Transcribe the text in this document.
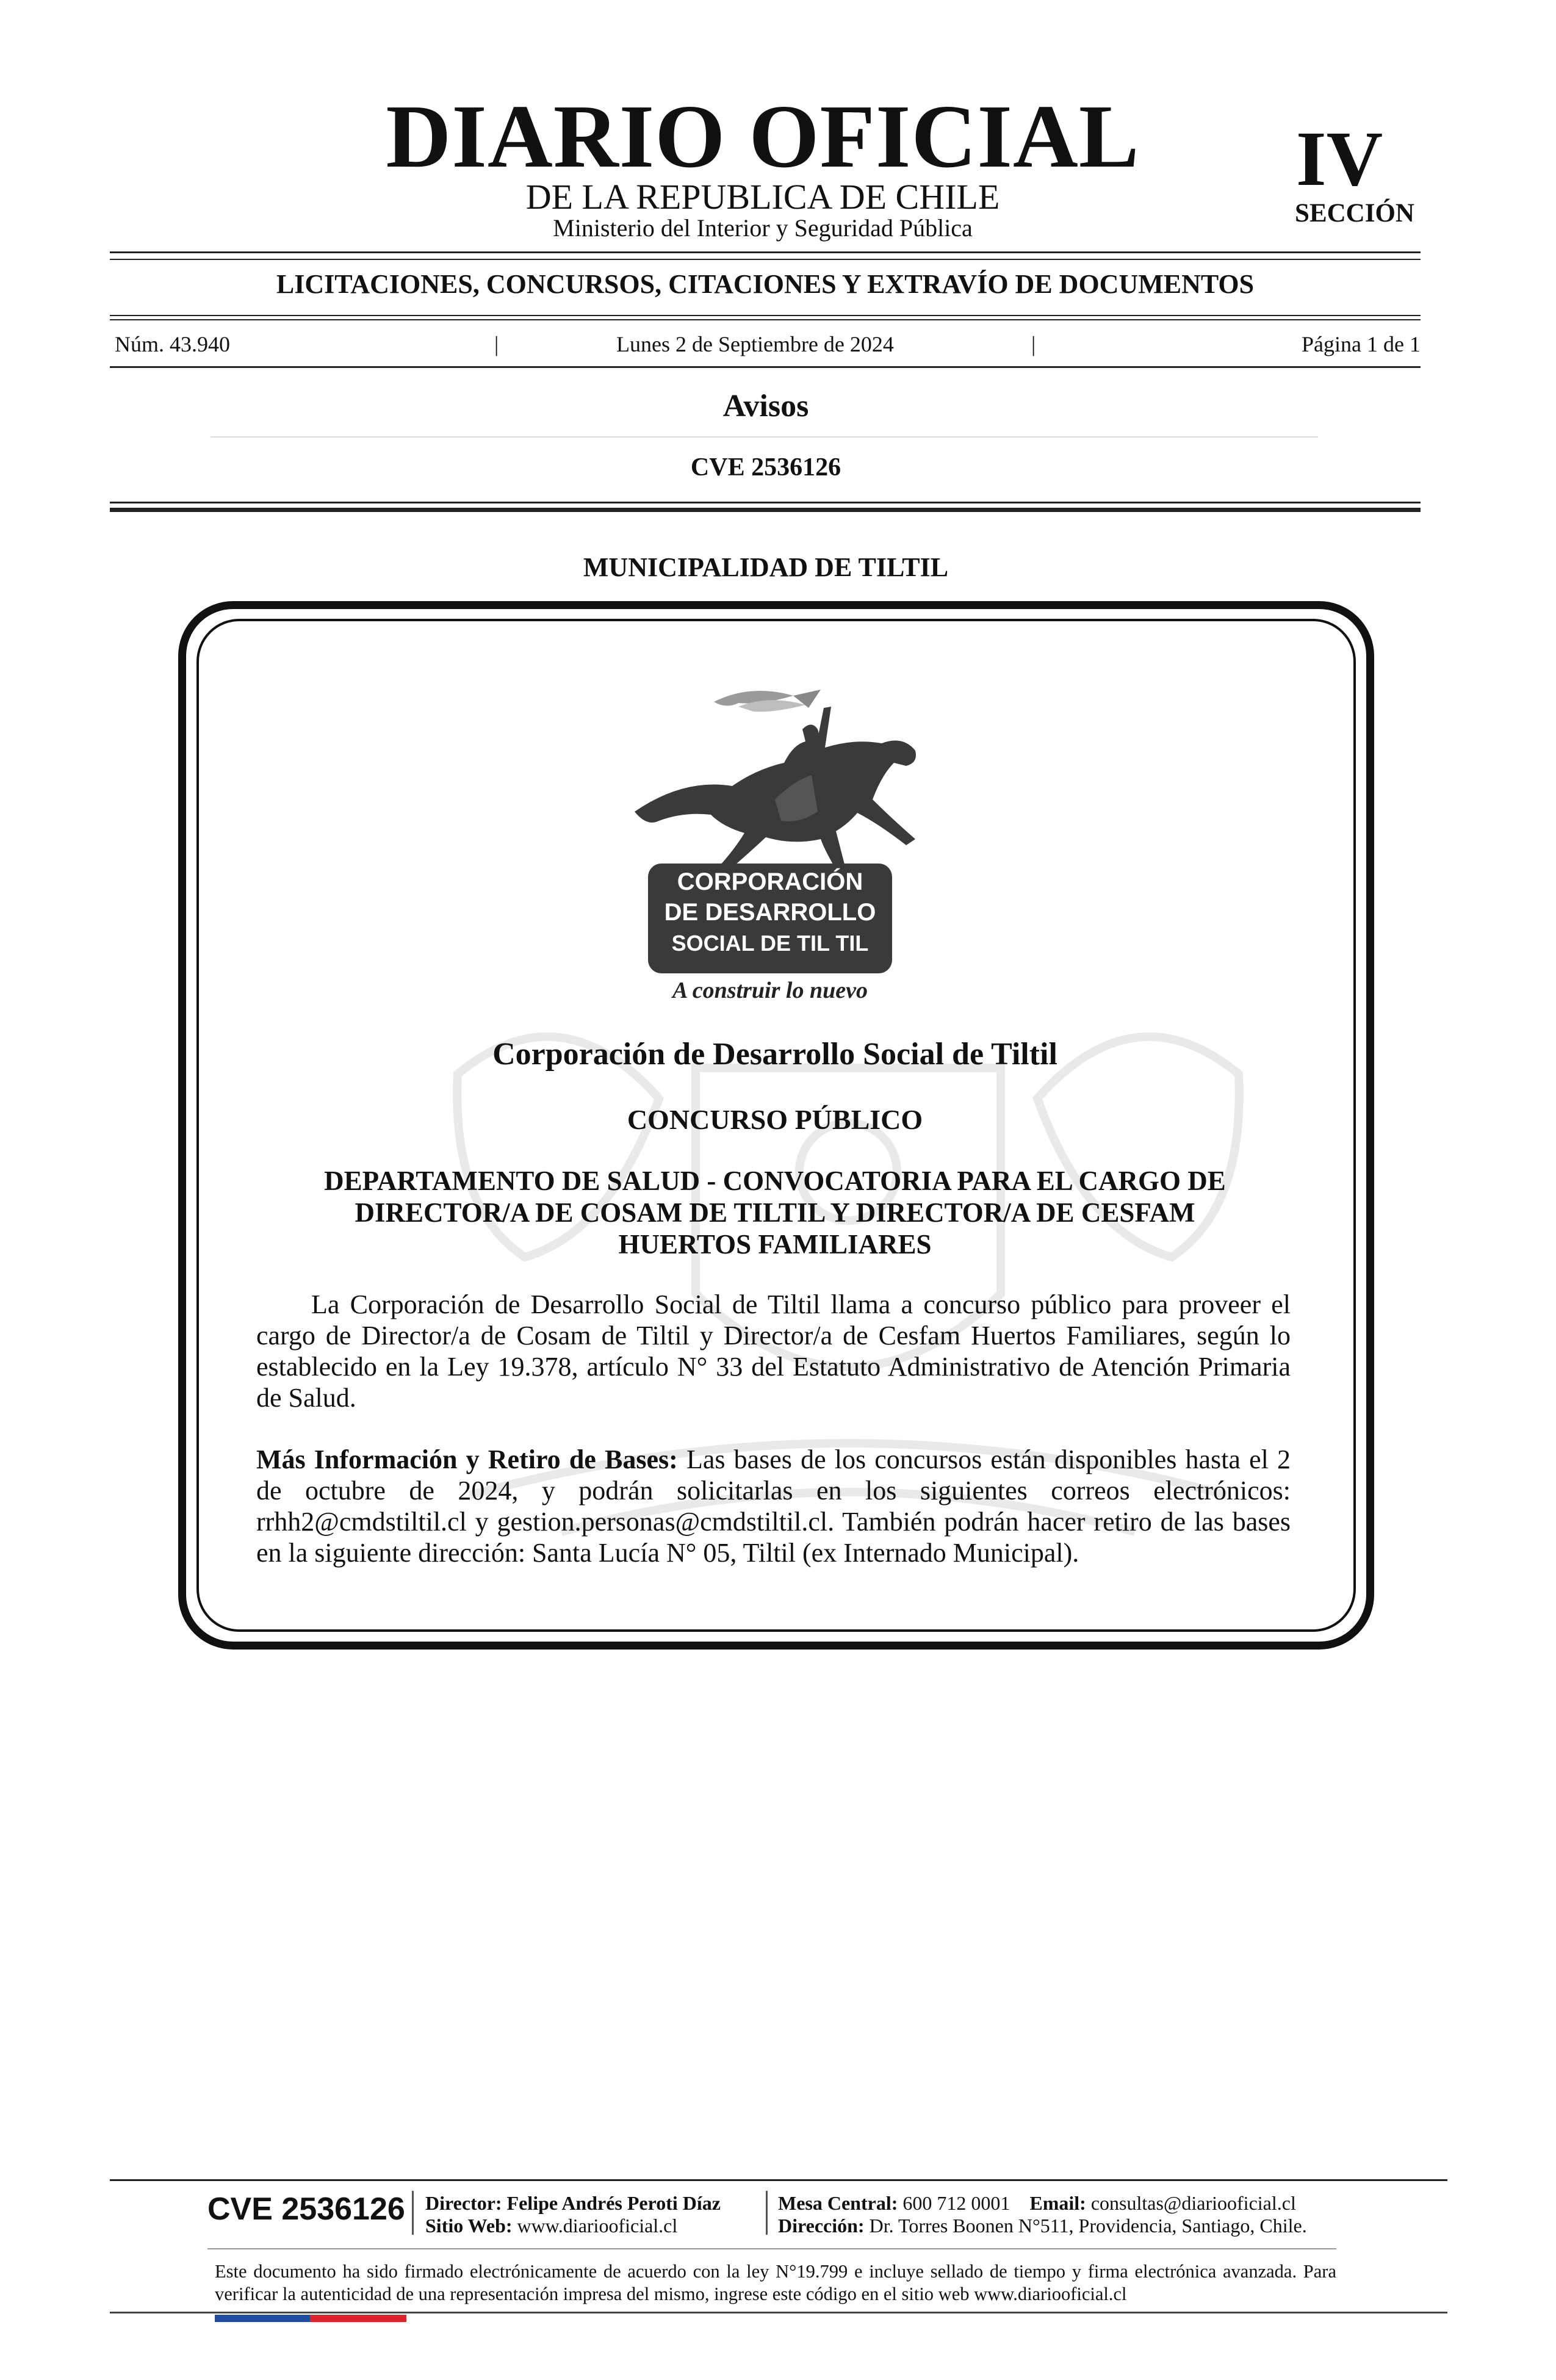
DIARIO OFICIAL
DE LA REPUBLICA DE CHILE
Ministerio del Interior y Seguridad Pública
IV
SECCIÓN
LICITACIONES, CONCURSOS, CITACIONES Y EXTRAVÍO DE DOCUMENTOS
Núm. 43.940	|	Lunes 2 de Septiembre de 2024	|	Página 1 de 1
Avisos
CVE 2536126
MUNICIPALIDAD DE TILTIL
CORPORACIÓN
DE DESARROLLO
SOCIAL DE TIL TIL
A construir lo nuevo
Corporación de Desarrollo Social de Tiltil
CONCURSO PÚBLICO
DEPARTAMENTO DE SALUD - CONVOCATORIA PARA EL CARGO DE DIRECTOR/A DE COSAM DE TILTIL Y DIRECTOR/A DE CESFAM HUERTOS FAMILIARES
La Corporación de Desarrollo Social de Tiltil llama a concurso público para proveer el cargo de Director/a de Cosam de Tiltil y Director/a de Cesfam Huertos Familiares, según lo establecido en la Ley 19.378, artículo N° 33 del Estatuto Administrativo de Atención Primaria de Salud.
Más Información y Retiro de Bases: Las bases de los concursos están disponibles hasta el 2 de octubre de 2024, y podrán solicitarlas en los siguientes correos electrónicos: rrhh2@cmdstiltil.cl y gestion.personas@cmdstiltil.cl. También podrán hacer retiro de las bases en la siguiente dirección: Santa Lucía N° 05, Tiltil (ex Internado Municipal).
CVE 2536126 Director: Felipe Andrés Peroti Díaz
Sitio Web: www.diariooficial.cl
Mesa Central: 600 712 0001 Email: consultas@diariooficial.cl
Dirección: Dr. Torres Boonen N°511, Providencia, Santiago, Chile.
Este documento ha sido firmado electrónicamente de acuerdo con la ley N°19.799 e incluye sellado de tiempo y firma electrónica avanzada. Para verificar la autenticidad de una representación impresa del mismo, ingrese este código en el sitio web www.diariooficial.cl
